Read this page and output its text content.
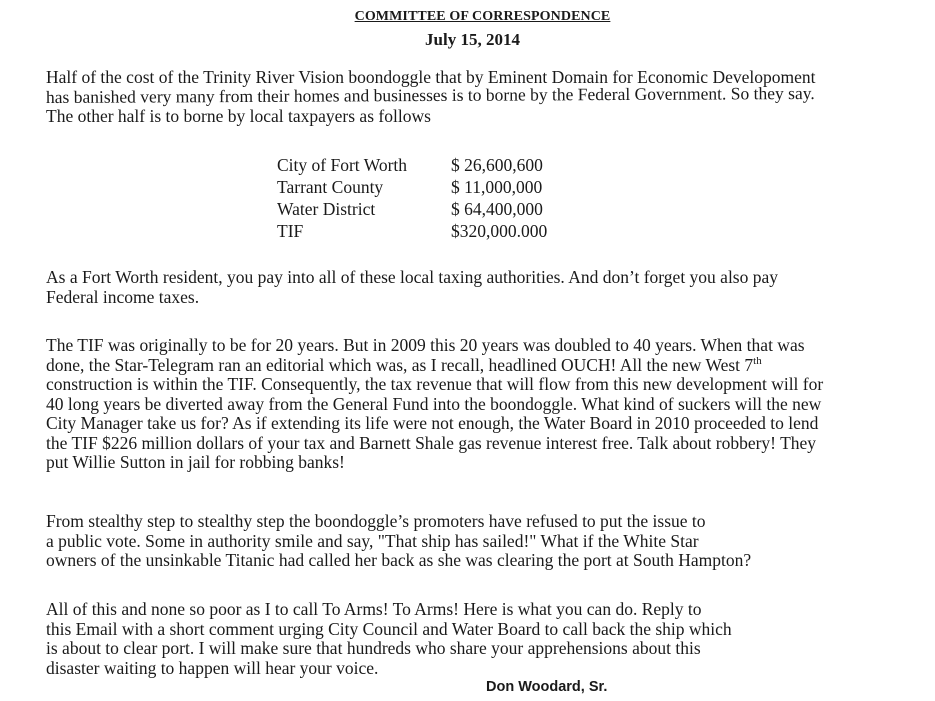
COMMITTEE OF CORRESPONDENCE
July 15, 2014
Half of the cost of the Trinity River Vision boondoggle that by Eminent Domain for Economic Developoment
has banished very many from their homes and businesses is to borne by the Federal Government. So they say.
The other half is to borne by local taxpayers as follows
City of Fort Worth	$ 26,600,600
Tarrant County	$ 11,000,000
Water District	$ 64,400,000
TIF	$320,000.000
As a Fort Worth resident, you pay into all of these local taxing authorities. And don’t forget you also pay
Federal income taxes.
The TIF was originally to be for 20 years. But in 2009 this 20 years was doubled to 40 years. When that was
done, the Star-Telegram ran an editorial which was, as I recall, headlined OUCH! All the new West 7th
construction is within the TIF. Consequently, the tax revenue that will flow from this new development will for
40 long years be diverted away from the General Fund into the boondoggle. What kind of suckers will the new
City Manager take us for? As if extending its life were not enough, the Water Board in 2010 proceeded to lend
the TIF $226 million dollars of your tax and Barnett Shale gas revenue interest free. Talk about robbery! They
put Willie Sutton in jail for robbing banks!
From stealthy step to stealthy step the boondoggle’s promoters have refused to put the issue to
a public vote. Some in authority smile and say, "That ship has sailed!" What if the White Star
owners of the unsinkable Titanic had called her back as she was clearing the port at South Hampton?
All of this and none so poor as I to call To Arms! To Arms! Here is what you can do. Reply to
this Email with a short comment urging City Council and Water Board to call back the ship which
is about to clear port. I will make sure that hundreds who share your apprehensions about this
disaster waiting to happen will hear your voice.
Don Woodard, Sr.
